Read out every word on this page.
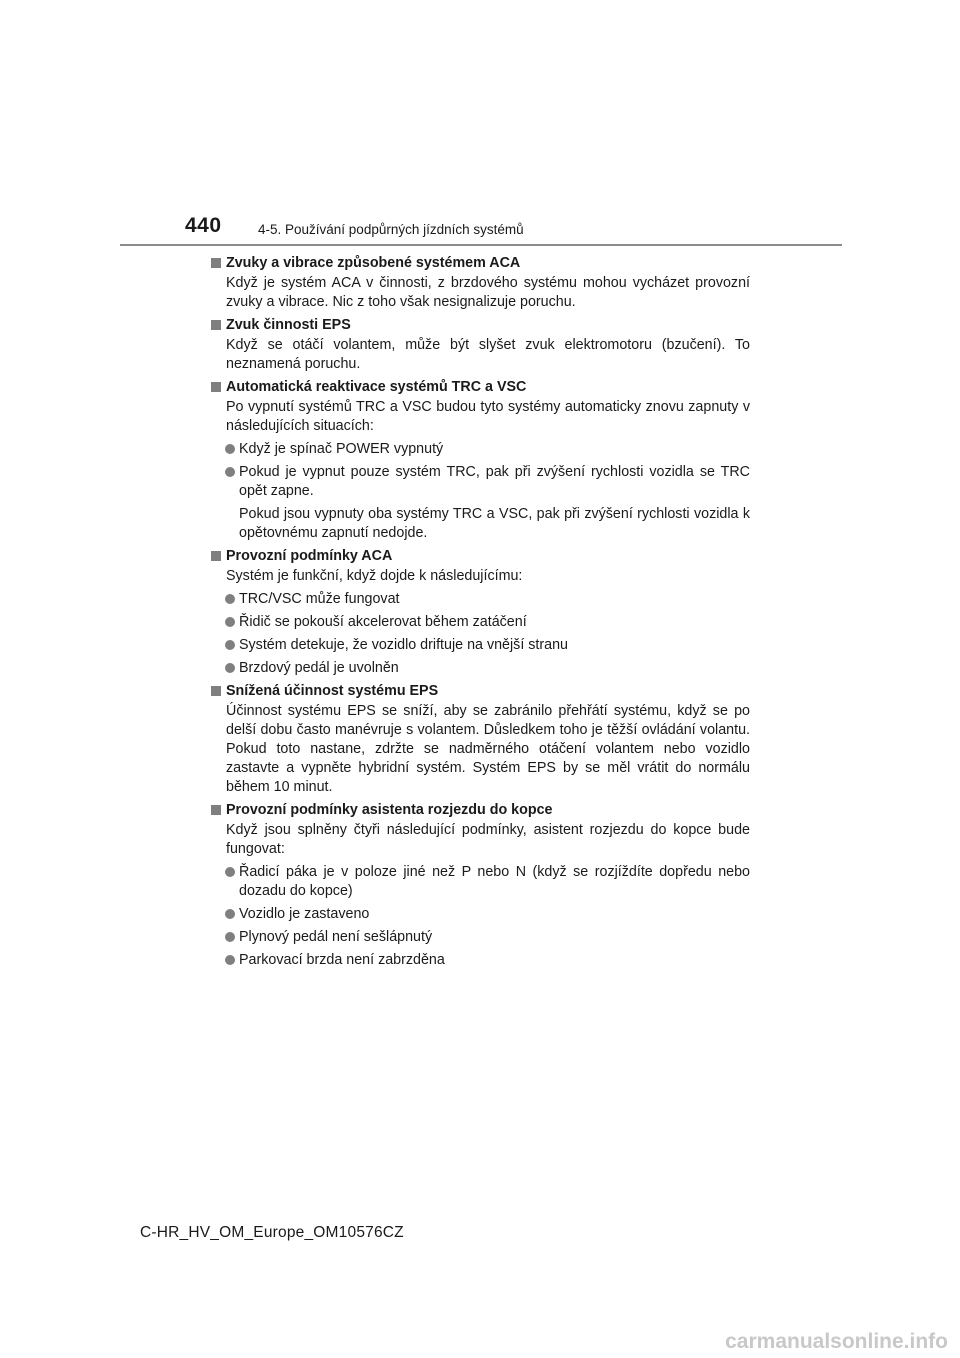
440	4-5. Používání podpůrných jízdních systémů
Zvuky a vibrace způsobené systémem ACA
Když je systém ACA v činnosti, z brzdového systému mohou vycházet provozní zvuky a vibrace. Nic z toho však nesignalizuje poruchu.
Zvuk činnosti EPS
Když se otáčí volantem, může být slyšet zvuk elektromotoru (bzučení). To neznamená poruchu.
Automatická reaktivace systémů TRC a VSC
Po vypnutí systémů TRC a VSC budou tyto systémy automaticky znovu zapnuty v následujících situacích:
Když je spínač POWER vypnutý
Pokud je vypnut pouze systém TRC, pak při zvýšení rychlosti vozidla se TRC opět zapne.
Pokud jsou vypnuty oba systémy TRC a VSC, pak při zvýšení rychlosti vozidla k opětovnému zapnutí nedojde.
Provozní podmínky ACA
Systém je funkční, když dojde k následujícímu:
TRC/VSC může fungovat
Řidič se pokouší akcelerovat během zatáčení
Systém detekuje, že vozidlo driftuje na vnější stranu
Brzdový pedál je uvolněn
Snížená účinnost systému EPS
Účinnost systému EPS se sníží, aby se zabránilo přehřátí systému, když se po delší dobu často manévruje s volantem. Důsledkem toho je těžší ovládání volantu. Pokud toto nastane, zdržte se nadměrného otáčení volantem nebo vozidlo zastavte a vypněte hybridní systém. Systém EPS by se měl vrátit do normálu během 10 minut.
Provozní podmínky asistenta rozjezdu do kopce
Když jsou splněny čtyři následující podmínky, asistent rozjezdu do kopce bude fungovat:
Řadicí páka je v poloze jiné než P nebo N (když se rozjíždíte dopředu nebo dozadu do kopce)
Vozidlo je zastaveno
Plynový pedál není sešlápnutý
Parkovací brzda není zabrzděna
C-HR_HV_OM_Europe_OM10576CZ
carmanualsonline.info
